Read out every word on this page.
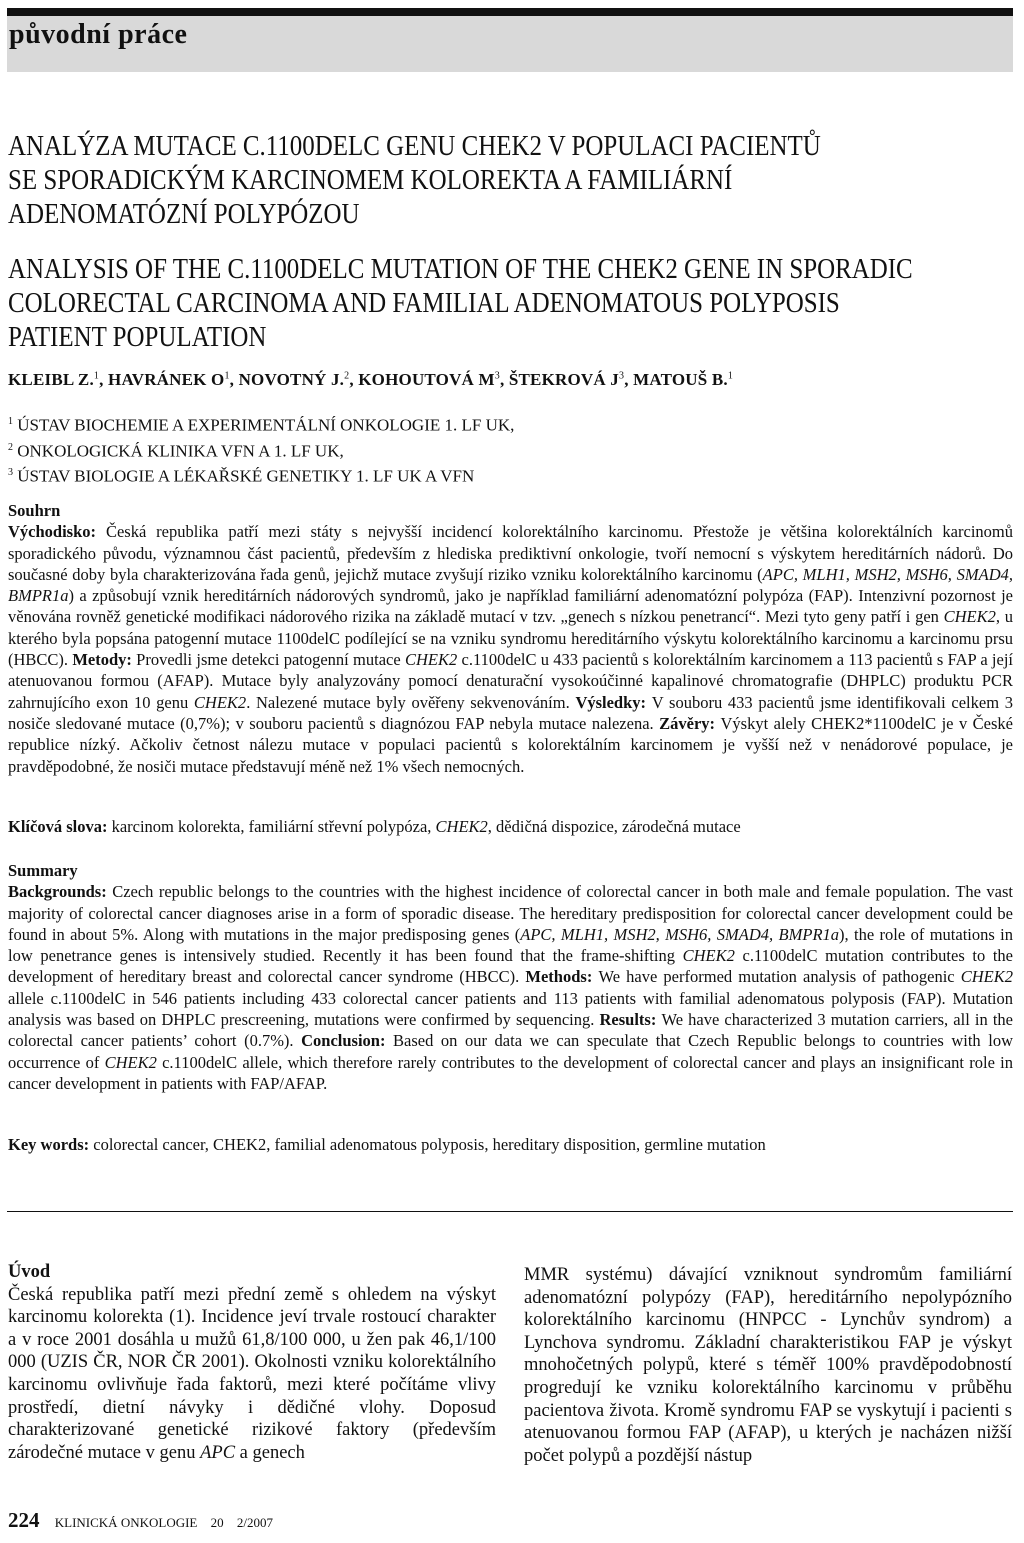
původní práce
ANALÝZA MUTACE C.1100DELC GENU CHEK2 V POPULACI PACIENTŮ
SE SPORADICKÝM KARCINOMEM KOLOREKTA A FAMILIÁRNÍ
ADENOMATÓZNÍ POLYPÓZOU
ANALYSIS OF THE C.1100DELC MUTATION OF THE CHEK2 GENE IN SPORADIC
COLORECTAL CARCINOMA AND FAMILIAL ADENOMATOUS POLYPOSIS
PATIENT POPULATION
KLEIBL Z.$^1$, HAVRÁNEK $O^1$, NOVOTNÝ J.$^2$, KOHOUTOVÁ $M^3$, ŠTEKROVÁ $J^3$, MATOUŠ B.$^1$
$^1$ ÚSTAV BIOCHEMIE A EXPERIMENTÁLNÍ ONKOLOGIE 1. LF UK,
$^2$ ONKOLOGICKÁ KLINIKA VFN A 1. LF UK,
$^3$ ÚSTAV BIOLOGIE A LÉKAŘSKÉ GENETIKY 1. LF UK A VFN
Souhrn
Východisko: Česká republika patří mezi státy s nejvyšší incidencí kolorektálního karcinomu. Přestože je většina kolorektálních karcinomů sporadického původu, významnou část pacientů, především z hlediska prediktivní onkologie, tvoří nemocní s výskytem hereditárních nádorů. Do současné doby byla charakterizována řada genů, jejichž mutace zvyšují riziko vzniku kolorektálního karcinomu (APC, MLH1, MSH2, MSH6, SMAD4, BMPR1a) a způsobují vznik hereditárních nádorových syndromů, jako je například familiární adenomatózní polypóza (FAP). Intenzivní pozornost je věnována rovněž genetické modifikaci nádorového rizika na základě mutací v tzv. „genech s nízkou penetrancí“. Mezi tyto geny patří i gen CHEK2, u kterého byla popsána patogenní mutace 1100delC podílející se na vzniku syndromu hereditárního výskytu kolorektálního karcinomu a karcinomu prsu (HBCC). Metody: Provedli jsme detekci patogenní mutace CHEK2 c.1100delC u 433 pacientů s kolorektálním karcinomem a 113 pacientů s FAP a její atenuovanou formou (AFAP). Mutace byly analyzovány pomocí denaturační vysokoúčinné kapalinové chromatografie (DHPLC) produktu PCR zahrnujícího exon 10 genu CHEK2. Nalezené mutace byly ověřeny sekvenováním. Výsledky: V souboru 433 pacientů jsme identifikovali celkem 3 nosiče sledované mutace (0,7%); v souboru pacientů s diagnózou FAP nebyla mutace nalezena. Závěry: Výskyt alely CHEK2*1100delC je v České republice nízký. Ačkoliv četnost nálezu mutace v populaci pacientů s kolorektálním karcinomem je vyšší než v nenádorové populace, je pravděpodobné, že nosiči mutace představují méně než 1% všech nemocných.
Klíčová slova: karcinom kolorekta, familiární střevní polypóza, CHEK2, dědičná dispozice, zárodečná mutace
Summary
Backgrounds: Czech republic belongs to the countries with the highest incidence of colorectal cancer in both male and female population. The vast majority of colorectal cancer diagnoses arise in a form of sporadic disease. The hereditary predisposition for colorectal cancer development could be found in about 5%. Along with mutations in the major predisposing genes (APC, MLH1, MSH2, MSH6, SMAD4, BMPR1a), the role of mutations in low penetrance genes is intensively studied. Recently it has been found that the frame-shifting CHEK2 c.1100delC mutation contributes to the development of hereditary breast and colorectal cancer syndrome (HBCC). Methods: We have performed mutation analysis of pathogenic CHEK2 allele c.1100delC in 546 patients including 433 colorectal cancer patients and 113 patients with familial adenomatous polyposis (FAP). Mutation analysis was based on DHPLC prescreening, mutations were confirmed by sequencing. Results: We have characterized 3 mutation carriers, all in the colorectal cancer patients’ cohort (0.7%). Conclusion: Based on our data we can speculate that Czech Republic belongs to countries with low occurrence of CHEK2 c.1100delC allele, which therefore rarely contributes to the development of colorectal cancer and plays an insignificant role in cancer development in patients with FAP/AFAP.
Key words: colorectal cancer, CHEK2, familial adenomatous polyposis, hereditary disposition, germline mutation
Úvod
Česká republika patří mezi přední země s ohledem na výskyt karcinomu kolorekta (1). Incidence jeví trvale rostoucí charakter a v roce 2001 dosáhla u mužů 61,8/100 000, u žen pak 46,1/100 000 (UZIS ČR, NOR ČR 2001). Okolnosti vzniku kolorektálního karcinomu ovlivňuje řada faktorů, mezi které počítáme vlivy prostředí, dietní návyky i dědičné vlohy. Doposud charakterizované genetické rizikové faktory (především zárodečné mutace v genu APC a genech
MMR systému) dávající vzniknout syndromům familiární adenomatózní polypózy (FAP), hereditárního nepolypózního kolorektálního karcinomu (HNPCC - Lynchův syndrom) a Lynchova syndromu. Základní charakteristikou FAP je výskyt mnohočetných polypů, které s téměř 100% pravděpodobností progredují ke vzniku kolorektálního karcinomu v průběhu pacientova života. Kromě syndromu FAP se vyskytují i pacienti s atenuovanou formou FAP (AFAP), u kterých je nacházen nižší počet polypů a pozdější nástup
224 KLINICKÁ ONKOLOGIE 20 2/2007
